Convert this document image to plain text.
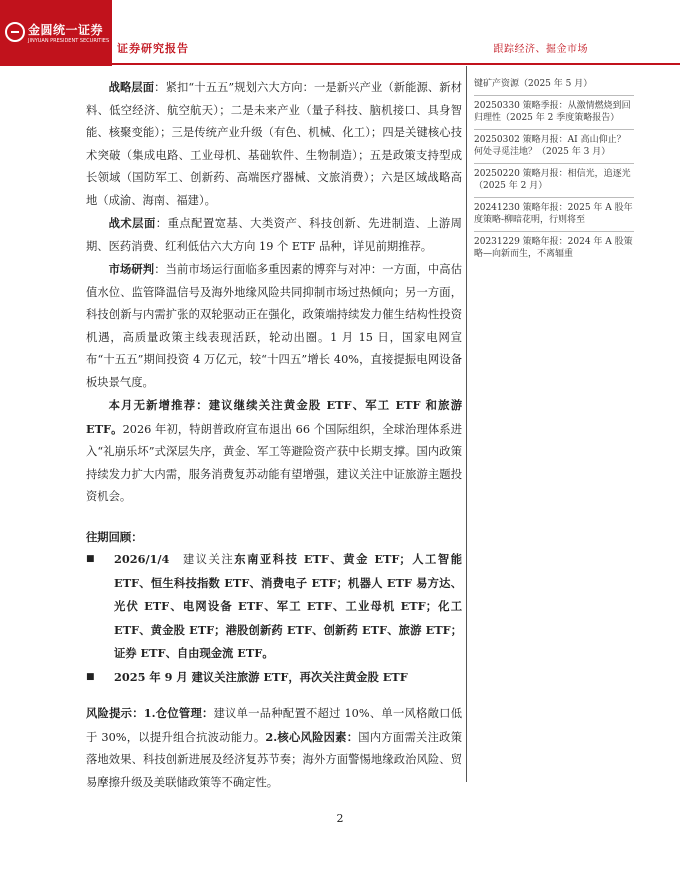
金圆统一证券
JINYUAN PRESIDENT SECURITIES
证券研究报告	跟踪经济、掘金市场

战略层面：紧扣“十五五”规划六大方向：一是新兴产业（新能源、新材料、低空经济、航空航天）；二是未来产业（量子科技、脑机接口、具身智能、核聚变能）；三是传统产业升级（有色、机械、化工）；四是关键核心技术突破（集成电路、工业母机、基础软件、生物制造）；五是政策支持型成长领域（国防军工、创新药、高端医疗器械、文旅消费）；六是区域战略高地（成渝、海南、福建）。

战术层面：重点配置宽基、大类资产、科技创新、先进制造、上游周期、医药消费、红利低估六大方向 19 个 ETF 品种，详见前期推荐。

市场研判：当前市场运行面临多重因素的博弈与对冲：一方面，中高估值水位、监管降温信号及海外地缘风险共同抑制市场过热倾向；另一方面，科技创新与内需扩张的双轮驱动正在强化，政策端持续发力催生结构性投资机遇，高质量政策主线表现活跃，轮动出圈。1 月 15 日，国家电网宣布“十五五”期间投资 4 万亿元，较“十四五”增长 40%，直接提振电网设备板块景气度。

本月无新增推荐：建议继续关注黄金股 ETF、军工 ETF 和旅游 ETF。2026 年初，特朗普政府宣布退出 66 个国际组织，全球治理体系进入“礼崩乐坏”式深层失序，黄金、军工等避险资产获中长期支撑。国内政策持续发力扩大内需，服务消费复苏动能有望增强，建议关注中证旅游主题投资机会。

往期回顾：

■	2026/1/4 建议关注东南亚科技 ETF、黄金 ETF；人工智能 ETF、恒生科技指数 ETF、消费电子 ETF；机器人 ETF 易方达、光伏 ETF、电网设备 ETF、军工 ETF、工业母机 ETF；化工 ETF、黄金股 ETF；港股创新药 ETF、创新药 ETF、旅游 ETF；证券 ETF、自由现金流 ETF。
■	2025 年 9 月 建议关注旅游 ETF，再次关注黄金股 ETF

风险提示：1.仓位管理：建议单一品种配置不超过 10%、单一风格敞口低于 30%，以提升组合抗波动能力。2.核心风险因素：国内方面需关注政策落地效果、科技创新进展及经济复苏节奏；海外方面警惕地缘政治风险、贸易摩擦升级及美联储政策等不确定性。

键矿产资源（2025 年 5 月）
20250330 策略季报：从激情燃烧到回归理性（2025 年 2 季度策略报告）
20250302 策略月报：AI 高山仰止？何处寻觅洼地？（2025 年 3 月）
20250220 策略月报：相信光，追逐光（2025 年 2 月）
20241230 策略年报：2025 年 A 股年度策略-柳暗花明，行则将至
20231229 策略年报：2024 年 A 股策略—向新而生，不离辐重
2
